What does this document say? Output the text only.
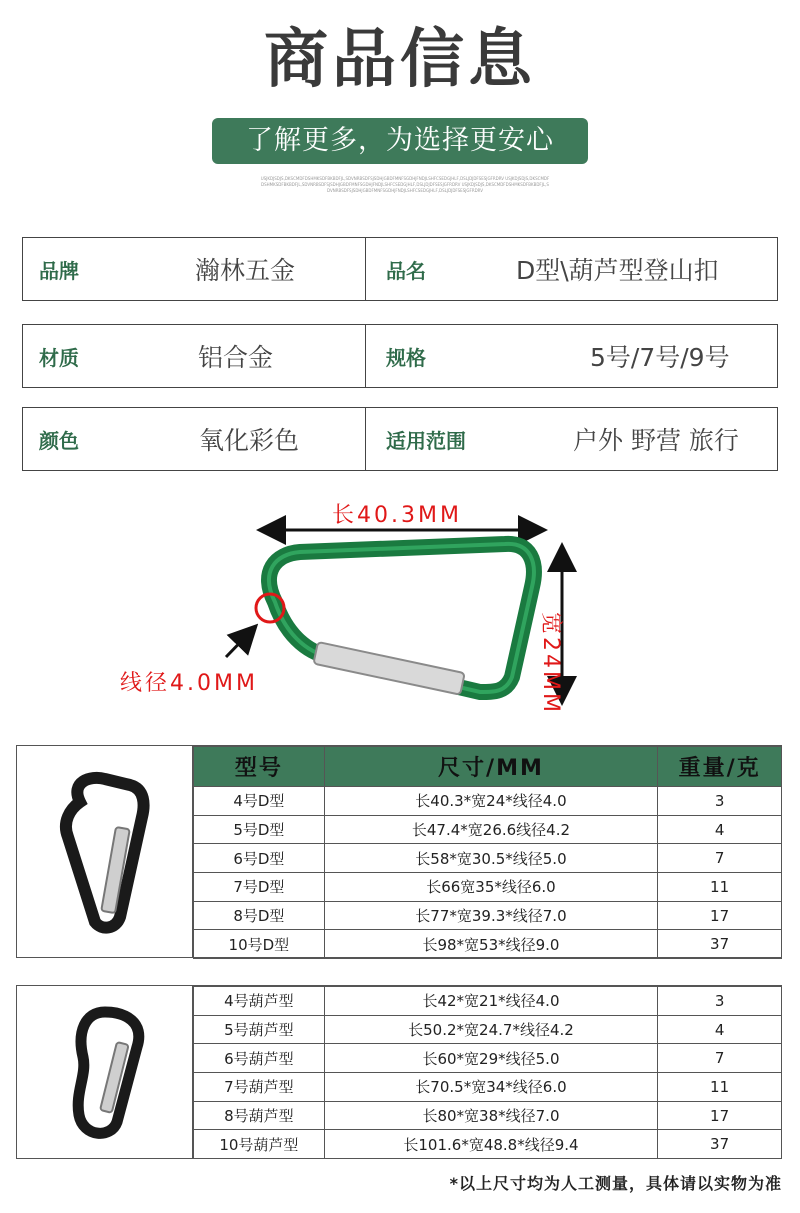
商品信息
了解更多，为选择更安心
USJKDJSDJS,DKSCMDFDSHMKSDFBKBDFJL,SDVNRBSDFSJSDHJGBDFMNFSGDHJFNDJLSHFCSEDGJHLF,DSLJDJDFSESJGFRDRV USJKDJSDJS,DKSCMDFDSHMKSDFBKBDFJL,SDVNRBSDFSJSDHJGBDFMNFSGDHJFNDJLSHFCSEDGJHLF,DSLJDJDFSESJGFRDRV USJKDJSDJS,DKSCMDFDSHMKSDFBKBDFJL,SDVNRBSDFSJSDHJGBDFMNFSGDHJFNDJLSHFCSEDGJHLF,DSLJDJDFSESJGFRDRV
品牌	瀚林五金	品名	D型\葫芦型登山扣
材质	铝合金	规格	5号/7号/9号
颜色	氧化彩色	适用范围	户外 野营 旅行
长40.3MM
宽24MM
线径4.0MM
型号	尺寸/MM	重量/克
4号D型	长40.3*宽24*线径4.0	3
5号D型	长47.4*宽26.6线径4.2	4
6号D型	长58*宽30.5*线径5.0	7
7号D型	长66宽35*线径6.0	11
8号D型	长77*宽39.3*线径7.0	17
10号D型	长98*宽53*线径9.0	37
4号葫芦型	长42*宽21*线径4.0	3
5号葫芦型	长50.2*宽24.7*线径4.2	4
6号葫芦型	长60*宽29*线径5.0	7
7号葫芦型	长70.5*宽34*线径6.0	11
8号葫芦型	长80*宽38*线径7.0	17
10号葫芦型	长101.6*宽48.8*线径9.4	37
*以上尺寸均为人工测量，具体请以实物为准
